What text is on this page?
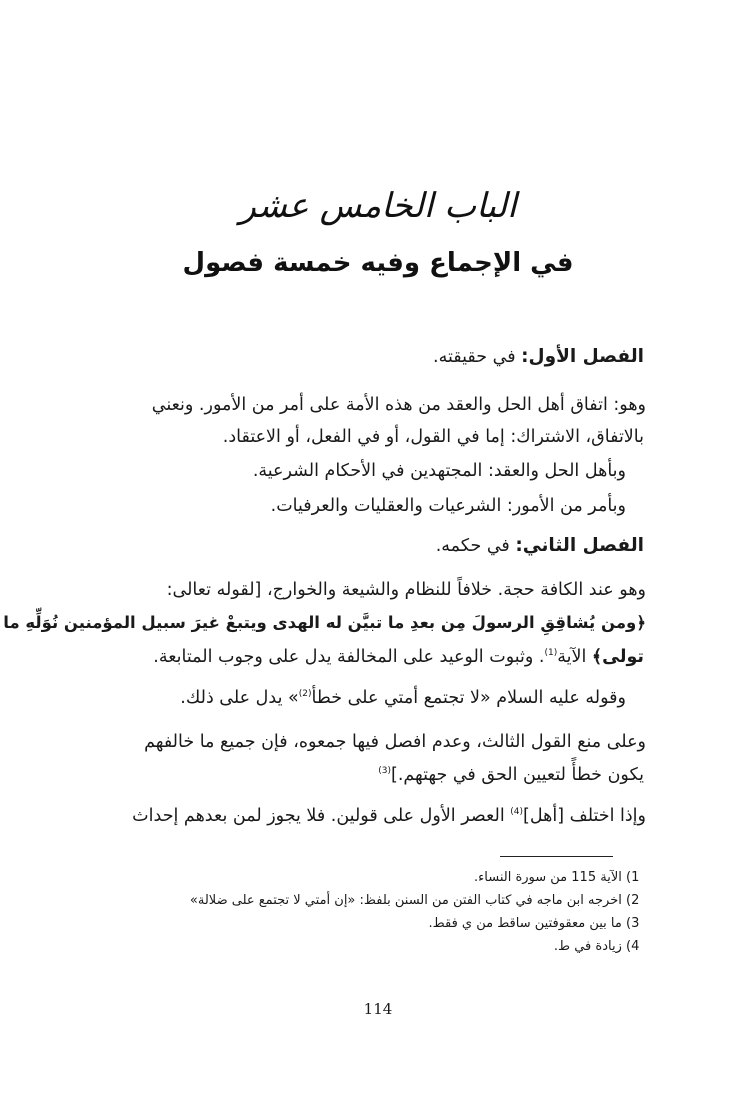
الباب الخامس عشر
في الإجماع وفيه خمسة فصول
الفصل الأول: في حقيقته.
وهو: اتفاق أهل الحل والعقد من هذه الأمة على أمر من الأمور. ونعني
بالاتفاق، الاشتراك: إما في القول، أو في الفعل، أو الاعتقاد.
وبأهل الحل والعقد: المجتهدين في الأحكام الشرعية.
وبأمر من الأمور: الشرعيات والعقليات والعرفيات.
الفصل الثاني: في حكمه.
وهو عند الكافة حجة. خلافاً للنظام والشيعة والخوارج، [لقوله تعالى:
﴿ومن يُشاقِقِ الرسولَ مِن بعدِ ما تبيَّن له الهدى ويتبعْ غيرَ سبيل المؤمنين نُوَلِّهِ ما
تولى﴾ الآية$^{(1)}$. وثبوت الوعيد على المخالفة يدل على وجوب المتابعة.
وقوله عليه السلام «لا تجتمع أمتي على خطأ$^{(2)}$» يدل على ذلك.
وعلى منع القول الثالث، وعدم افصل فيها جمعوه، فإن جميع ما خالفهم
يكون خطأً لتعيين الحق في جهتهم.]$^{(3)}$
وإذا اختلف [أهل]$^{(4)}$ العصر الأول على قولين. فلا يجوز لمن بعدهم إحداث
1) الآية 115 من سورة النساء.
2) اخرجه ابن ماجه في كتاب الفتن من السنن بلفظ: «إن أمتي لا تجتمع على ضلالة»
3) ما بين معقوفتين ساقط من ي فقط.
4) زيادة في ط.
114
